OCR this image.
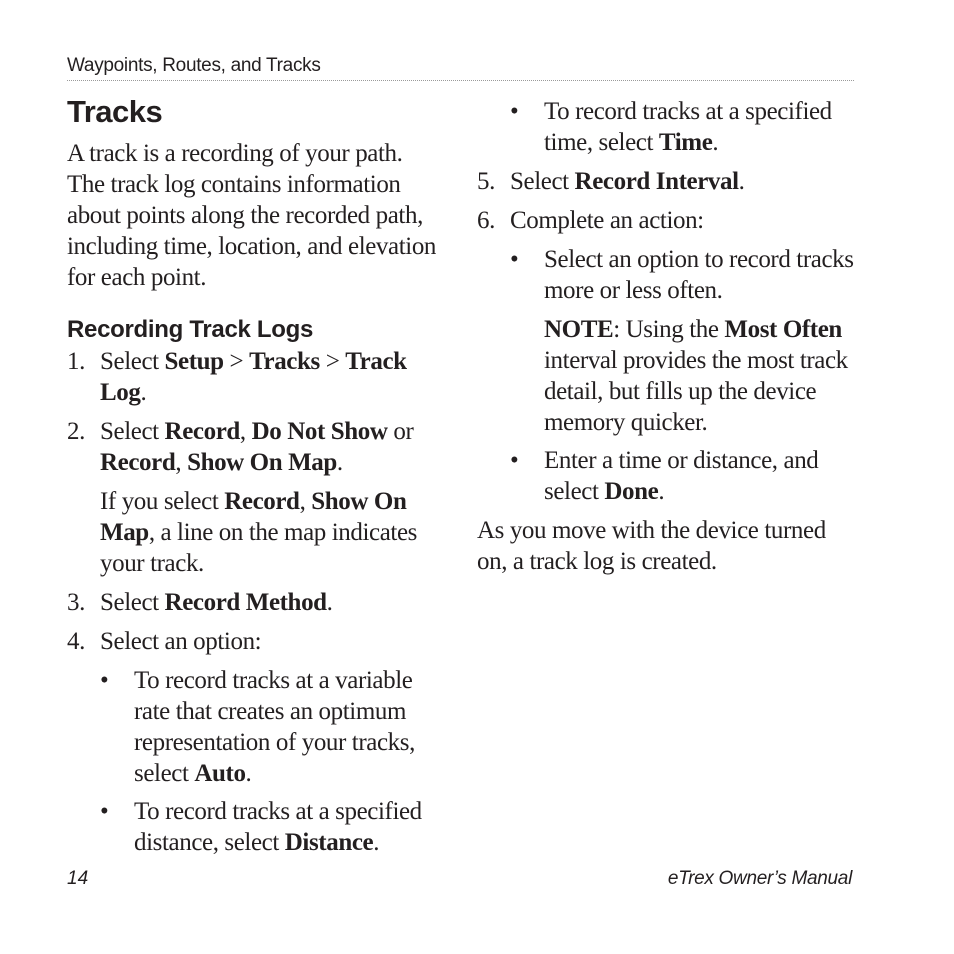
Waypoints, Routes, and Tracks
Tracks
A track is a recording of your path.
The track log contains information
about points along the recorded path,
including time, location, and elevation
for each point.
Recording Track Logs
1. Select Setup > Tracks > Track
Log.
2. Select Record, Do Not Show or
Record, Show On Map.
If you select Record, Show On
Map, a line on the map indicates
your track.
3. Select Record Method.
4. Select an option:
• To record tracks at a variable
rate that creates an optimum
representation of your tracks,
select Auto.
• To record tracks at a specified
distance, select Distance.
• To record tracks at a specified
time, select Time.
5. Select Record Interval.
6. Complete an action:
• Select an option to record tracks
more or less often.
NOTE: Using the Most Often
interval provides the most track
detail, but fills up the device
memory quicker.
• Enter a time or distance, and
select Done.
As you move with the device turned
on, a track log is created.
14	eTrex Owner’s Manual
